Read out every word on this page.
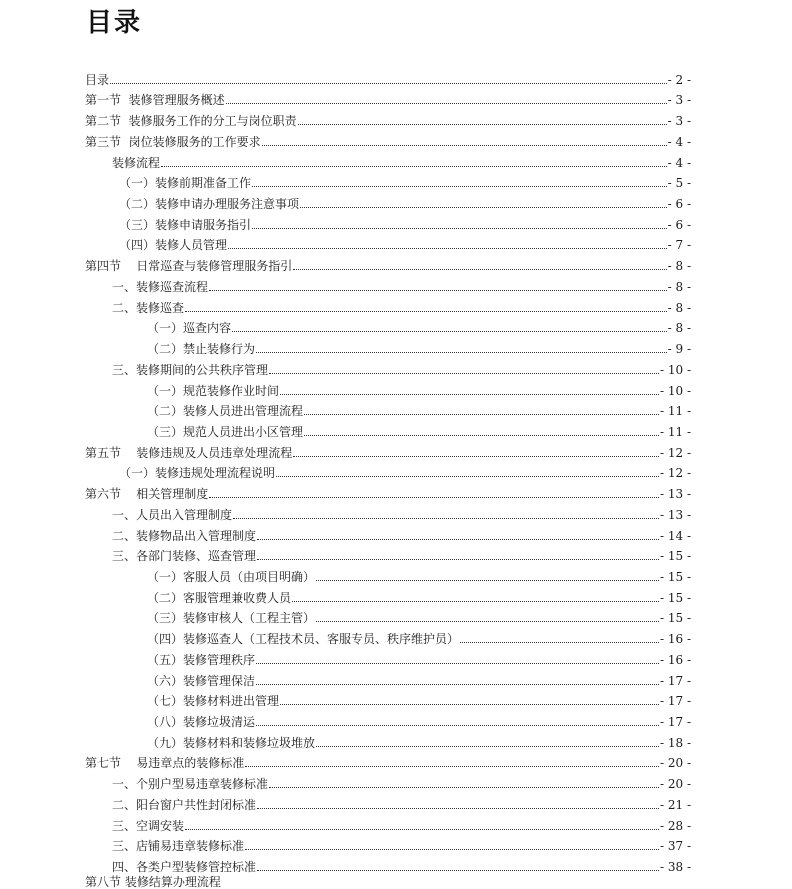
目录
目录	- 2 -
第一节  装修管理服务概述	- 3 -
第二节  装修服务工作的分工与岗位职责	- 3 -
第三节  岗位装修服务的工作要求	- 4 -
装修流程	- 4 -
（一）装修前期准备工作	- 5 -
（二）装修申请办理服务注意事项	- 6 -
（三）装修申请服务指引	- 6 -
（四）装修人员管理	- 7 -
第四节    日常巡查与装修管理服务指引	- 8 -
一、装修巡查流程	- 8 -
二、装修巡查	- 8 -
（一）巡查内容	- 8 -
（二）禁止装修行为	- 9 -
三、装修期间的公共秩序管理	- 10 -
（一）规范装修作业时间	- 10 -
（二）装修人员进出管理流程	- 11 -
（三）规范人员进出小区管理	- 11 -
第五节    装修违规及人员违章处理流程	- 12 -
（一）装修违规处理流程说明	- 12 -
第六节    相关管理制度	- 13 -
一、人员出入管理制度	- 13 -
二、装修物品出入管理制度	- 14 -
三、各部门装修、巡查管理	- 15 -
（一）客服人员（由项目明确）	- 15 -
（二）客服管理兼收费人员	- 15 -
（三）装修审核人（工程主管）	- 15 -
（四）装修巡查人（工程技术员、客服专员、秩序维护员）	- 16 -
（五）装修管理秩序	- 16 -
（六）装修管理保洁	- 17 -
（七）装修材料进出管理	- 17 -
（八）装修垃圾清运	- 17 -
（九）装修材料和装修垃圾堆放	- 18 -
第七节    易违章点的装修标准	- 20 -
一、个别户型易违章装修标准	- 20 -
二、阳台窗户共性封闭标准	- 21 -
三、空调安装	- 28 -
三、店铺易违章装修标准	- 37 -
四、各类户型装修管控标准	- 38 -
第八节 装修结算办理流程
